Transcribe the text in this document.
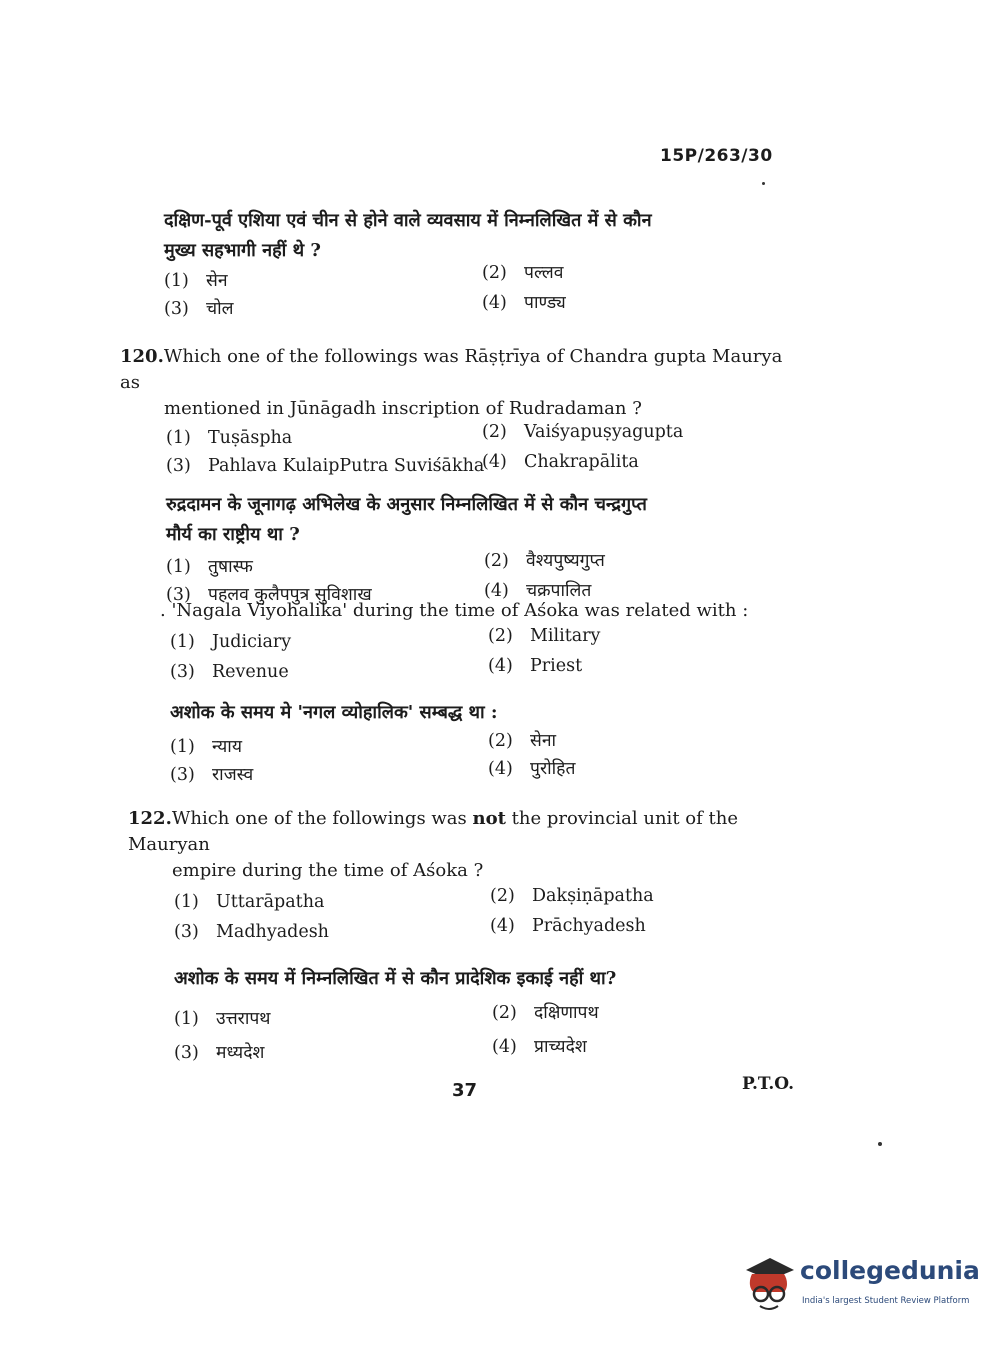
15P/263/30
दक्षिण-पूर्व एशिया एवं चीन से होने वाले व्यवसाय में निम्नलिखित में से कौन
मुख्य सहभागी नहीं थे ?
(1) सेन	(2) पल्लव
(3) चोल	(4) पाण्ड्य
120.Which one of the followings was Rāṣṭrīya of Chandra gupta Maurya as
mentioned in Jūnāgadh inscription of Rudradaman ?
(1) Tuṣāspha	(2) Vaiśyapuṣyagupta
(3) Pahlava KulaipPutra Suviśākha
(4) Chakrapālita
रुद्रदामन के जूनागढ़ अभिलेख के अनुसार निम्नलिखित में से कौन चन्द्रगुप्त
मौर्य का राष्ट्रीय था ?
(1) तुषास्फ	(2) वैश्यपुष्यगुप्त
(3) पहलव कुलैपपुत्र सुविशाख	(4) चक्रपालित
. 'Nagala Viyohalika' during the time of Aśoka was related with :
(1) Judiciary	(2) Military
(3) Revenue	(4) Priest
अशोक के समय मे 'नगल व्योहालिक' सम्बद्ध था :
(1) न्याय	(2) सेना
(3) राजस्व	(4) पुरोहित
122.Which one of the followings was not the provincial unit of the Mauryan
empire during the time of Aśoka ?
(1) Uttarāpatha	(2) Dakṣiṇāpatha
(3) Madhyadesh	(4) Prāchyadesh
अशोक के समय में निम्नलिखित में से कौन प्रादेशिक इकाई नहीं था?
(1) उत्तरापथ	(2) दक्षिणापथ
(3) मध्यदेश	(4) प्राच्यदेश
37	P.T.O.
collegedunia
India's largest Student Review Platform
